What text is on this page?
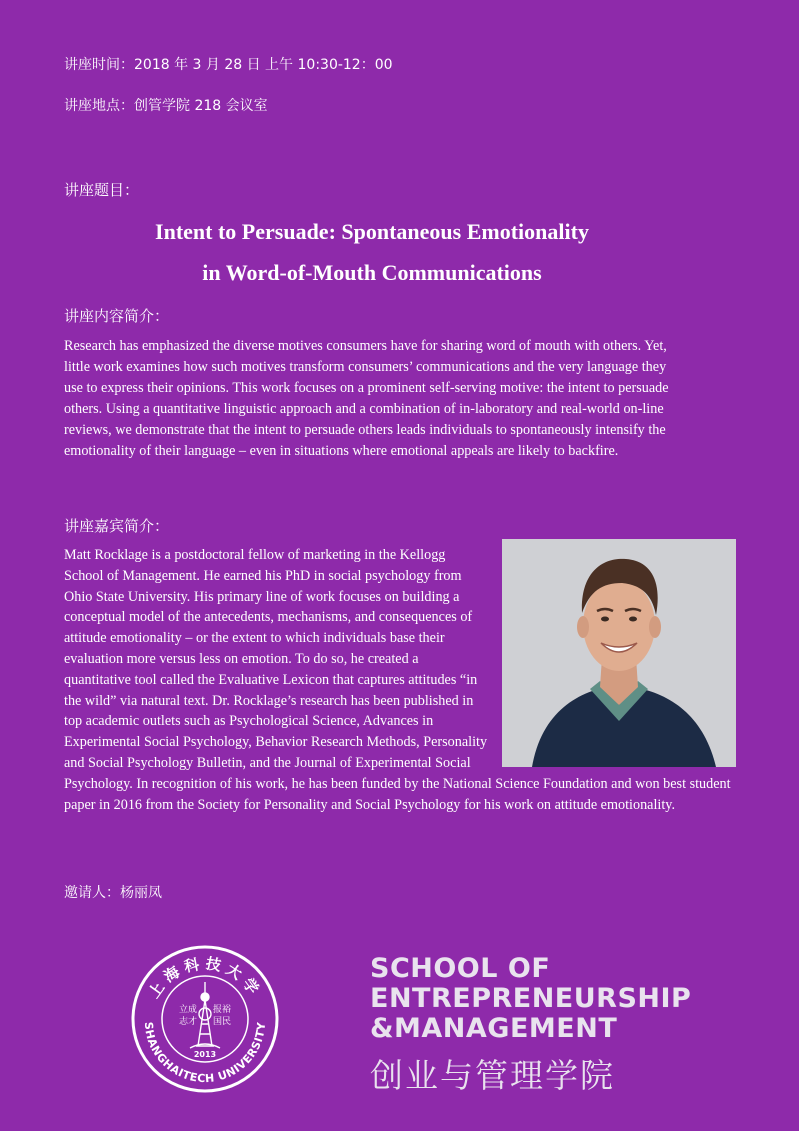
讲座时间：2018 年 3 月 28 日 上午 10:30-12：00
讲座地点：创管学院 218 会议室
讲座题目：
Intent to Persuade: Spontaneous Emotionality
in Word-of-Mouth Communications
讲座内容简介：

Research has emphasized the diverse motives consumers have for sharing word of mouth with others. Yet, little work examines how such motives transform consumers’ communications and the very language they use to express their opinions. This work focuses on a prominent self-serving motive: the intent to persuade others. Using a quantitative linguistic approach and a combination of in-laboratory and real-world on-line reviews, we demonstrate that the intent to persuade others leads individuals to spontaneously intensify the emotionality of their language – even in situations where emotional appeals are likely to backfire.

讲座嘉宾简介：

Matt Rocklage is a postdoctoral fellow of marketing in the Kellogg School of Management. He earned his PhD in social psychology from Ohio State University. His primary line of work focuses on building a conceptual model of the antecedents, mechanisms, and consequences of attitude emotionality – or the extent to which individuals base their evaluation more versus less on emotion. To do so, he created a quantitative tool called the Evaluative Lexicon that captures attitudes “in the wild” via natural text. Dr. Rocklage’s research has been published in top academic outlets such as Psychological Science, Advances in Experimental Social Psychology, Behavior Research Methods, Personality and Social Psychology Bulletin, and the Journal of Experimental Social Psychology. In recognition of his work, he has been funded by the National Science Foundation and won best student paper in 2016 from the Society for Personality and Social Psychology for his work on attitude emotionality.

邀请人：杨丽凤
上海科技大学
SHANGHAITECH UNIVERSITY
立成
志才
报裕
国民
2013
SCHOOL OF
ENTREPRENEURSHIP
&MANAGEMENT
创业与管理学院
